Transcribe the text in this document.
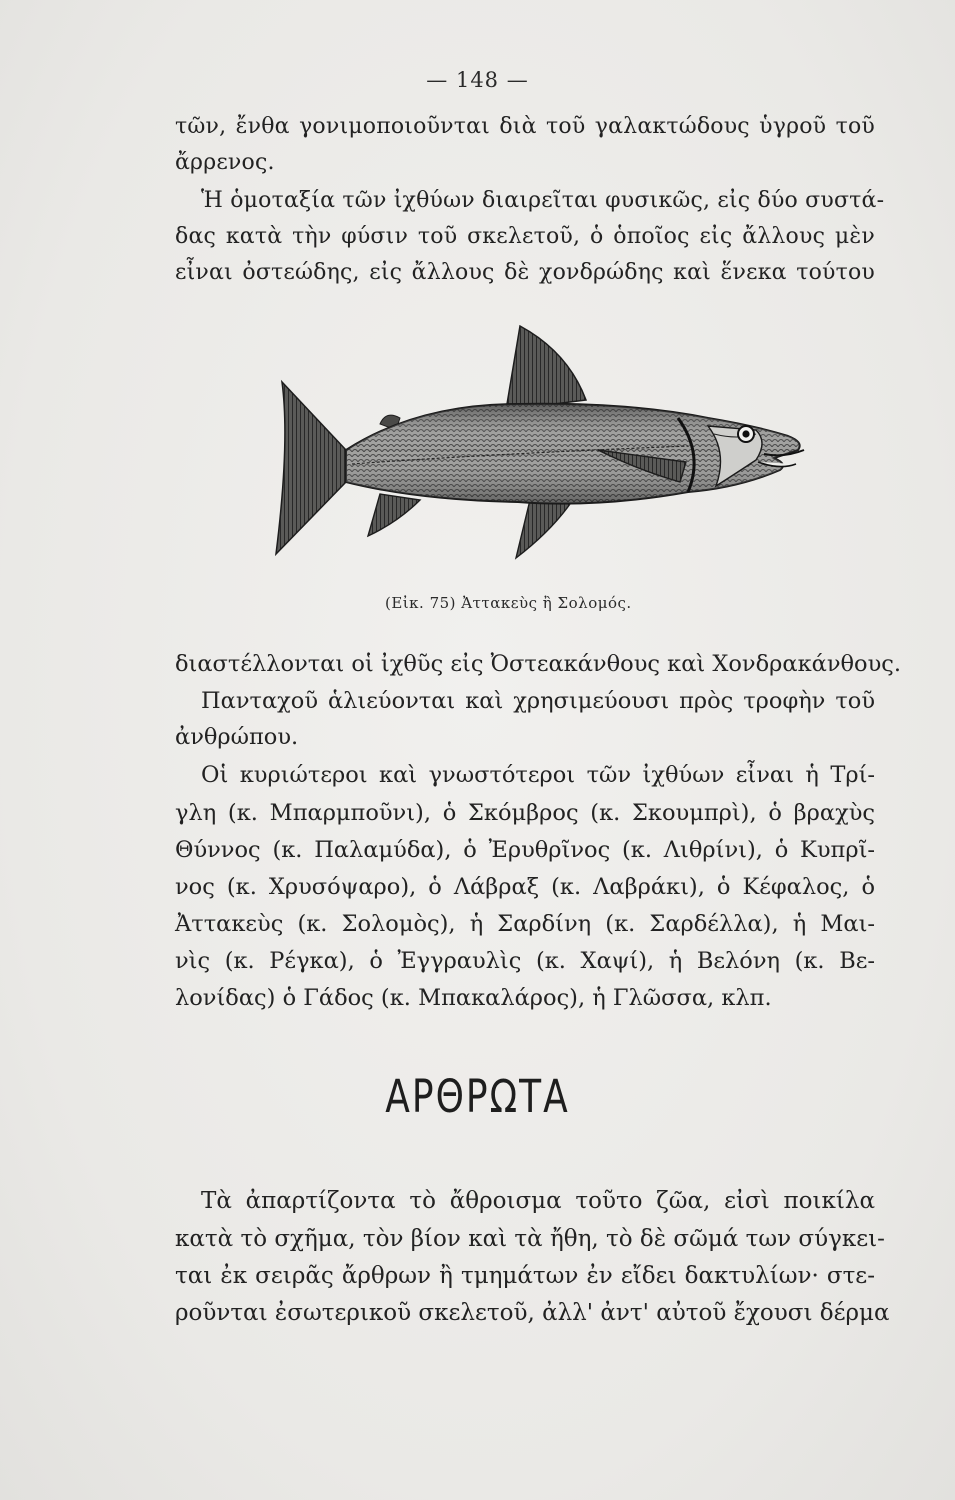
— 148 —
τῶν, ἔνθα γονιμοποιοῦνται διὰ τοῦ γαλακτώδους ὑγροῦ τοῦ
ἄρρενος.
Ἡ ὁμοταξία τῶν ἰχθύων διαιρεῖται φυσικῶς, εἰς δύο συστά-
δας κατὰ τὴν φύσιν τοῦ σκελετοῦ, ὁ ὁποῖος εἰς ἄλλους μὲν
εἶναι ὀστεώδης, εἰς ἄλλους δὲ χονδρώδης καὶ ἕνεκα τούτου
(Εἰκ. 75) Ἀττακεὺς ἢ Σολομός.
διαστέλλονται οἱ ἰχθῦς εἰς Ὀστεακάνθους καὶ Χονδρακάνθους.
Πανταχοῦ ἁλιεύονται καὶ χρησιμεύουσι πρὸς τροφὴν τοῦ
ἀνθρώπου.
Οἱ κυριώτεροι καὶ γνωστότεροι τῶν ἰχθύων εἶναι ἡ Τρί-
γλη (κ. Μπαρμποῦνι), ὁ Σκόμβρος (κ. Σκουμπρὶ), ὁ βραχὺς
Θύννος (κ. Παλαμύδα), ὁ Ἐρυθρῖνος (κ. Λιθρίνι), ὁ Κυπρῖ-
νος (κ. Χρυσόψαρο), ὁ Λάβραξ (κ. Λαβράκι), ὁ Κέφαλος, ὁ
Ἀττακεὺς (κ. Σολομὸς), ἡ Σαρδίνη (κ. Σαρδέλλα), ἡ Μαι-
νὶς (κ. Ρέγκα), ὁ Ἐγγραυλὶς (κ. Χαψί), ἡ Βελόνη (κ. Βε-
λονίδας) ὁ Γάδος (κ. Μπακαλάρος), ἡ Γλῶσσα, κλπ.
ΑΡΘΡΩΤΑ
Τὰ ἀπαρτίζοντα τὸ ἄθροισμα τοῦτο ζῶα, εἰσὶ ποικίλα
κατὰ τὸ σχῆμα, τὸν βίον καὶ τὰ ἤθη, τὸ δὲ σῶμά των σύγκει-
ται ἐκ σειρᾶς ἄρθρων ἢ τμημάτων ἐν εἴδει δακτυλίων· στε-
ροῦνται ἐσωτερικοῦ σκελετοῦ, ἀλλ' ἀντ' αὐτοῦ ἔχουσι δέρμα
